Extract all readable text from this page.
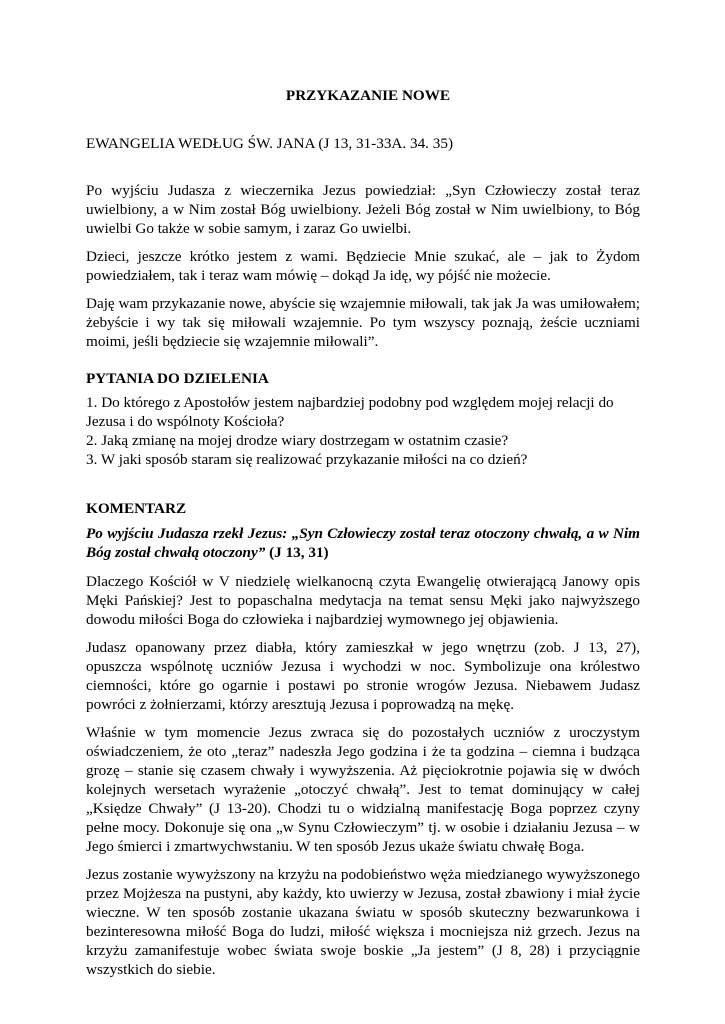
PRZYKAZANIE NOWE
EWANGELIA WEDŁUG ŚW. JANA (J 13, 31-33A. 34. 35)

Po wyjściu Judasza z wieczernika Jezus powiedział: „Syn Człowieczy został teraz uwielbiony, a w Nim został Bóg uwielbiony. Jeżeli Bóg został w Nim uwielbiony, to Bóg uwielbi Go także w sobie samym, i zaraz Go uwielbi.

Dzieci, jeszcze krótko jestem z wami. Będziecie Mnie szukać, ale – jak to Żydom powiedziałem, tak i teraz wam mówię – dokąd Ja idę, wy pójść nie możecie.

Daję wam przykazanie nowe, abyście się wzajemnie miłowali, tak jak Ja was umiłowałem; żebyście i wy tak się miłowali wzajemnie. Po tym wszyscy poznają, żeście uczniami moimi, jeśli będziecie się wzajemnie miłowali”.

PYTANIA DO DZIELENIA
1. Do którego z Apostołów jestem najbardziej podobny pod względem mojej relacji do Jezusa i do wspólnoty Kościoła?
2. Jaką zmianę na mojej drodze wiary dostrzegam w ostatnim czasie?
3. W jaki sposób staram się realizować przykazanie miłości na co dzień?
KOMENTARZ

Po wyjściu Judasza rzekł Jezus: „Syn Człowieczy został teraz otoczony chwałą, a w Nim Bóg został chwałą otoczony” (J 13, 31)

Dlaczego Kościół w V niedzielę wielkanocną czyta Ewangelię otwierającą Janowy opis Męki Pańskiej? Jest to popaschalna medytacja na temat sensu Męki jako najwyższego dowodu miłości Boga do człowieka i najbardziej wymownego jej objawienia.

Judasz opanowany przez diabła, który zamieszkał w jego wnętrzu (zob. J 13, 27), opuszcza wspólnotę uczniów Jezusa i wychodzi w noc. Symbolizuje ona królestwo ciemności, które go ogarnie i postawi po stronie wrogów Jezusa. Niebawem Judasz powróci z żołnierzami, którzy aresztują Jezusa i poprowadzą na mękę.

Właśnie w tym momencie Jezus zwraca się do pozostałych uczniów z uroczystym oświadczeniem, że oto „teraz” nadeszła Jego godzina i że ta godzina – ciemna i budząca grozę – stanie się czasem chwały i wywyższenia. Aż pięciokrotnie pojawia się w dwóch kolejnych wersetach wyrażenie „otoczyć chwałą”. Jest to temat dominujący w całej „Księdze Chwały” (J 13-20). Chodzi tu o widzialną manifestację Boga poprzez czyny pełne mocy. Dokonuje się ona „w Synu Człowieczym” tj. w osobie i działaniu Jezusa – w Jego śmierci i zmartwychwstaniu. W ten sposób Jezus ukaże światu chwałę Boga.

Jezus zostanie wywyższony na krzyżu na podobieństwo węża miedzianego wywyższonego przez Mojżesza na pustyni, aby każdy, kto uwierzy w Jezusa, został zbawiony i miał życie wieczne. W ten sposób zostanie ukazana światu w sposób skuteczny bezwarunkowa i bezinteresowna miłość Boga do ludzi, miłość większa i mocniejsza niż grzech. Jezus na krzyżu zamanifestuje wobec świata swoje boskie „Ja jestem” (J 8, 28) i przyciągnie wszystkich do siebie.
